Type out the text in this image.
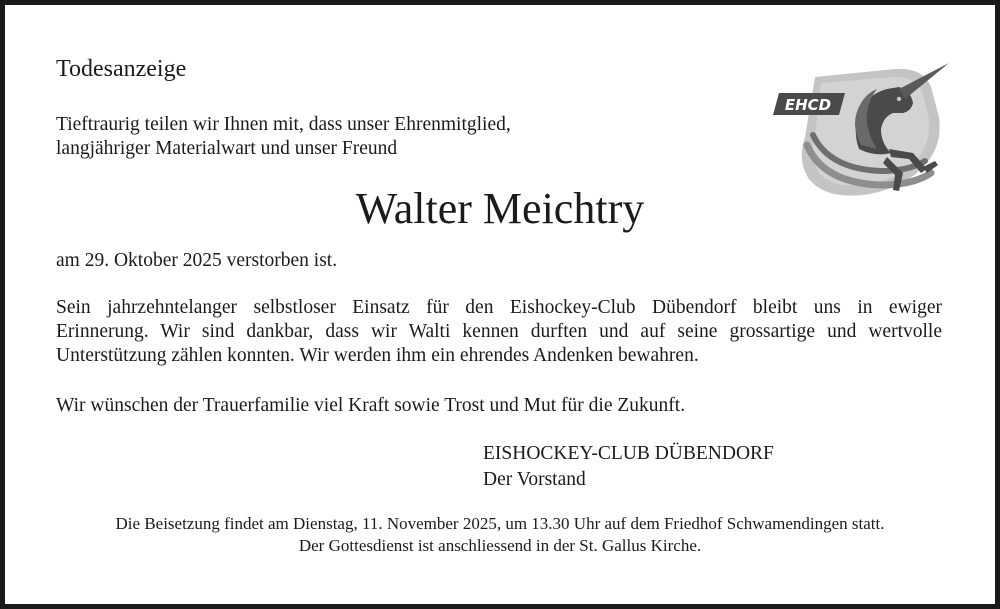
Todesanzeige
Tieftraurig teilen wir Ihnen mit, dass unser Ehrenmitglied,
langjähriger Materialwart und unser Freund
Walter Meichtry
am 29. Oktober 2025 verstorben ist.
Sein jahrzehntelanger selbstloser Einsatz für den Eishockey-Club Dübendorf bleibt uns in ewiger
Erinnerung. Wir sind dankbar, dass wir Walti kennen durften und auf seine grossartige und wertvolle
Unterstützung zählen konnten. Wir werden ihm ein ehrendes Andenken bewahren.
Wir wünschen der Trauerfamilie viel Kraft sowie Trost und Mut für die Zukunft.
EISHOCKEY-CLUB DÜBENDORF
Der Vorstand
Die Beisetzung findet am Dienstag, 11. November 2025, um 13.30 Uhr auf dem Friedhof Schwamendingen statt.
Der Gottesdienst ist anschliessend in der St. Gallus Kirche.
EHCD
